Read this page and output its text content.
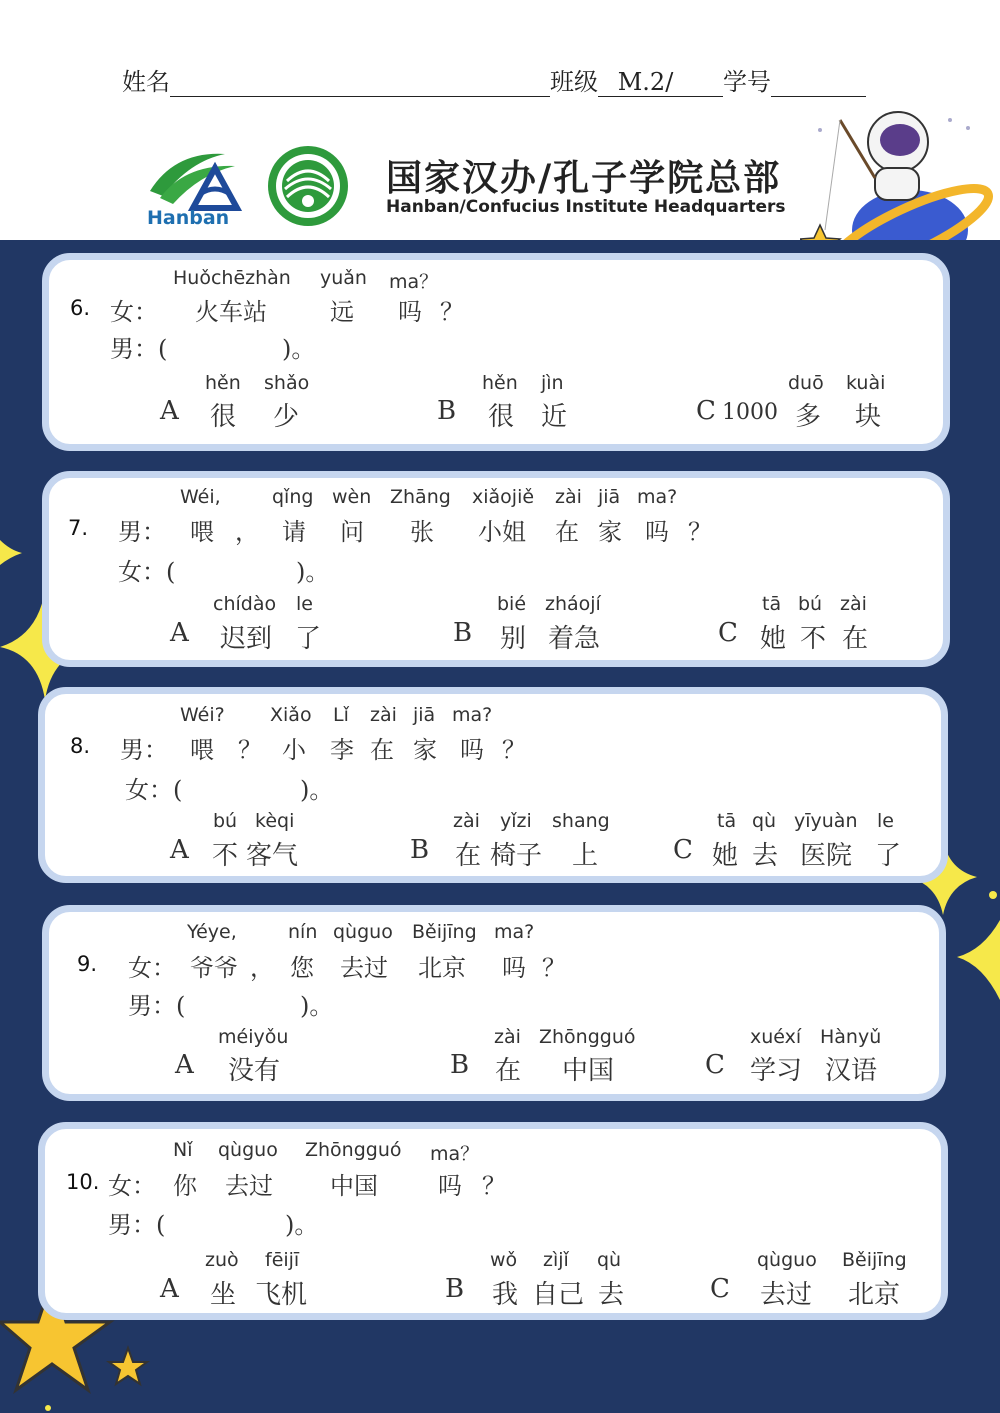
姓名	班级 M.2/ 学号
Hanban
国家汉办/孔子学院总部
Hanban/Confucius Institute Headquarters
6. 女：
Huǒchēzhàn yuǎn ma？
火车站	远 吗 ？
男：(	)。
A
hěn shǎo
很 少	B
hěn jìn
很 近	C
duō kuài
1000 多 块
7. 男：
Wéi,	qǐng wèn Zhāng xiǎojiě zài jiā ma?
喂 ， 请 问 张 小姐 在 家 吗 ？
女：(	)。
A
chídào le
迟到 了	B
bié zháojí
别 着急	C
tā bú zài
她 不 在
8. 男：
Wéi? Xiǎo Lǐ zài jiā ma?
喂 ？ 小 李 在 家 吗 ？
女：(	)。
A
bú kèqi
不 客气	B
zài yǐzi shang
在 椅子 上	C
tā qù yīyuàn le
她 去 医院 了
9. 女：
Yéye,	nín qùguo Běijīng ma?
爷爷 ， 您 去过 北京 吗 ？
男：(	)。
A
méiyǒu
没有	B
zài Zhōngguó
在 中国	C
xuéxí Hànyǔ
学习 汉语
10. 女：
Nǐ qùguo Zhōngguó ma？
你 去过 中国	吗 ？
男：(	)。
A
zuò fēijī
坐 飞机	B
wǒ zìjǐ qù
我 自己 去	C
qùguo Běijīng
去过 北京
